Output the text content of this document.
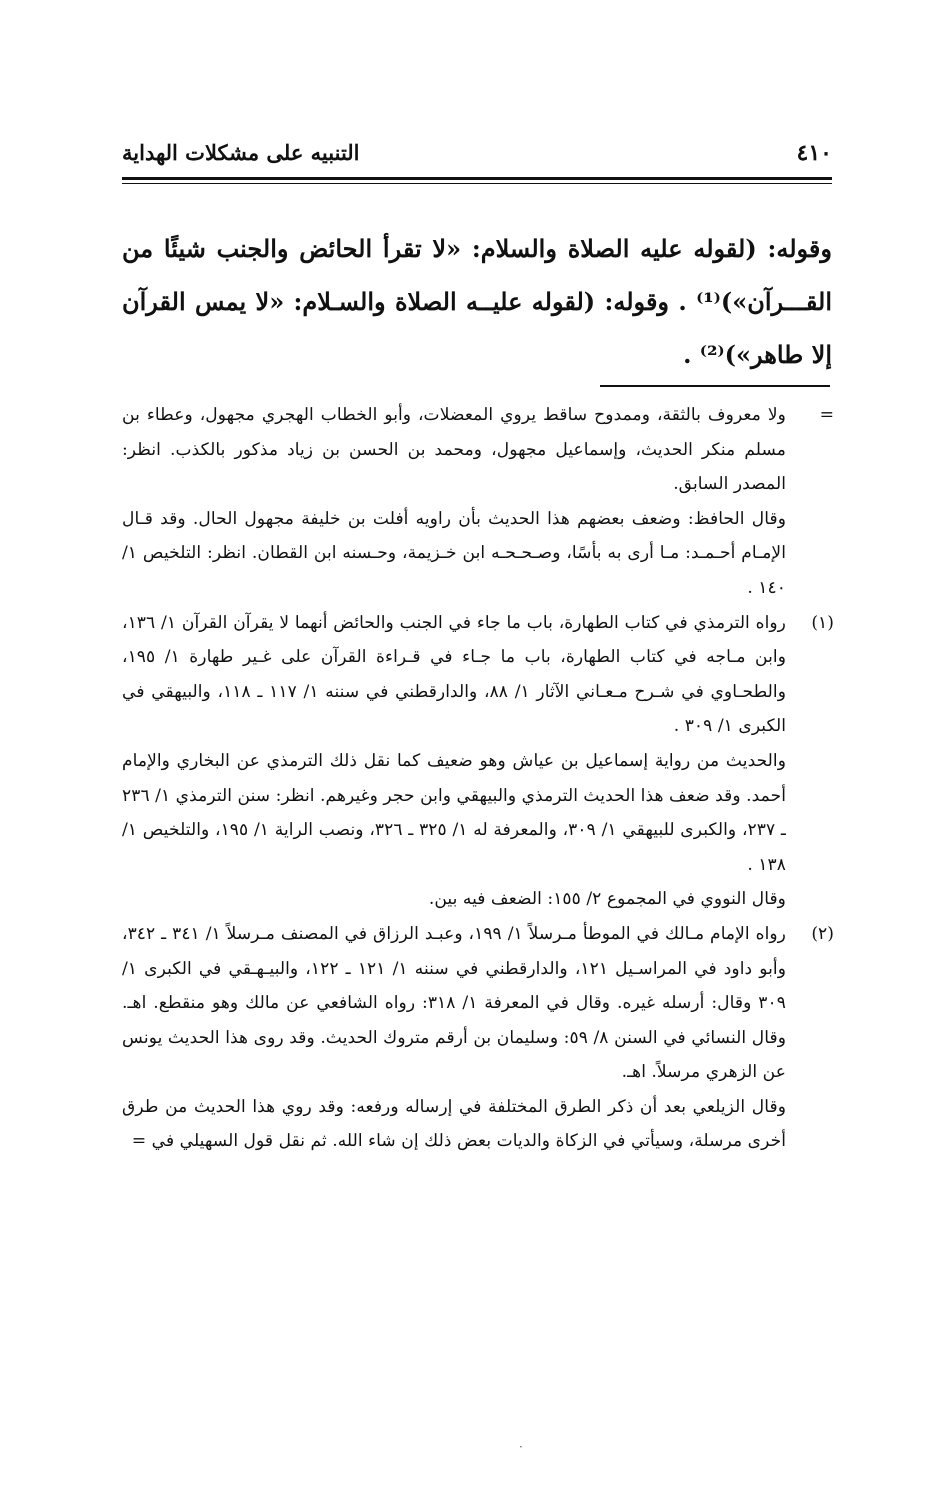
التنبيه على مشكلات الهداية	٤١٠

وقوله: (لقوله عليه الصلاة والسلام: «لا تقرأ الحائض والجنب شيئًا من القـــرآن»)⁽¹⁾ . وقوله: (لقوله عليــه الصلاة والسـلام: «لا يمس القرآن إلا طاهر»)⁽²⁾ .

=

ولا معروف بالثقة، وممدوح ساقط يروي المعضلات، وأبو الخطاب الهجري مجهول، وعطاء بن مسلم منكر الحديث، وإسماعيل مجهول، ومحمد بن الحسن بن زياد مذكور بالكذب. انظر: المصدر السابق.

وقال الحافظ: وضعف بعضهم هذا الحديث بأن راويه أفلت بن خليفة مجهول الحال. وقد قـال الإمـام أحـمـد: مـا أرى به بأسًا، وصـحـحـه ابن خـزيمة، وحـسنه ابن القطان. انظر: التلخيص ١/ ١٤٠ .

(١)

رواه الترمذي في كتاب الطهارة، باب ما جاء في الجنب والحائض أنهما لا يقرآن القرآن ١/ ١٣٦، وابن مـاجه في كتاب الطهارة، باب ما جـاء في قـراءة القرآن على غـير طهارة ١/ ١٩٥، والطحـاوي في شـرح مـعـاني الآثار ١/ ٨٨، والدارقطني في سننه ١/ ١١٧ ـ ١١٨، والبيهقي في الكبرى ١/ ٣٠٩ .

والحديث من رواية إسماعيل بن عياش وهو ضعيف كما نقل ذلك الترمذي عن البخاري والإمام أحمد. وقد ضعف هذا الحديث الترمذي والبيهقي وابن حجر وغيرهم. انظر: سنن الترمذي ١/ ٢٣٦ ـ ٢٣٧، والكبرى للبيهقي ١/ ٣٠٩، والمعرفة له ١/ ٣٢٥ ـ ٣٢٦، ونصب الراية ١/ ١٩٥، والتلخيص ١/ ١٣٨ .

وقال النووي في المجموع ٢/ ١٥٥: الضعف فيه بين.

(٢)

رواه الإمام مـالك في الموطأ مـرسلاً ١/ ١٩٩، وعبـد الرزاق في المصنف مـرسلاً ١/ ٣٤١ ـ ٣٤٢، وأبو داود في المراسـيل ١٢١، والدارقطني في سننه ١/ ١٢١ ـ ١٢٢، والبيـهـقي في الكبرى ١/ ٣٠٩ وقال: أرسله غيره. وقال في المعرفة ١/ ٣١٨: رواه الشافعي عن مالك وهو منقطع. اهـ. وقال النسائي في السنن ٨/ ٥٩: وسليمان بن أرقم متروك الحديث. وقد روى هذا الحديث يونس عن الزهري مرسلاً. اهـ.

وقال الزيلعي بعد أن ذكر الطرق المختلفة في إرساله ورفعه: وقد روي هذا الحديث من طرق أخرى مرسلة، وسيأتي في الزكاة والديات بعض ذلك إن شاء الله. ثم نقل قول السهيلي في =

·
